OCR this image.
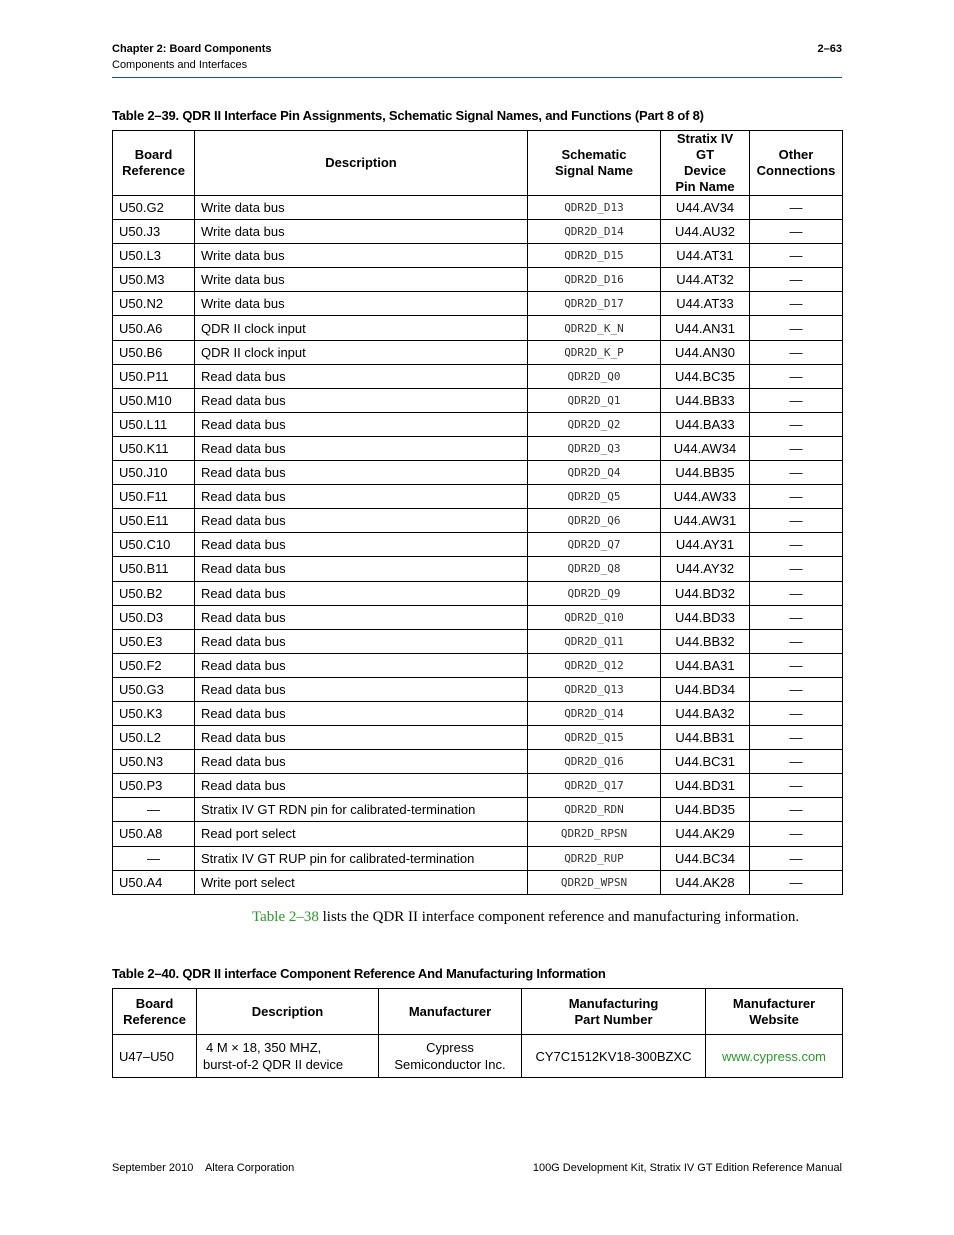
Chapter 2: Board Components
Components and Interfaces
2–63
Table 2–39. QDR II Interface Pin Assignments, Schematic Signal Names, and Functions (Part 8 of 8)
Board
Reference	Description	Schematic
Signal Name	Stratix IV GT
Device
Pin Name	Other
Connections
U50.G2	Write data bus	QDR2D_D13	U44.AV34	—
U50.J3	Write data bus	QDR2D_D14	U44.AU32	—
U50.L3	Write data bus	QDR2D_D15	U44.AT31	—
U50.M3	Write data bus	QDR2D_D16	U44.AT32	—
U50.N2	Write data bus	QDR2D_D17	U44.AT33	—
U50.A6	QDR II clock input	QDR2D_K_N	U44.AN31	—
U50.B6	QDR II clock input	QDR2D_K_P	U44.AN30	—
U50.P11	Read data bus	QDR2D_Q0	U44.BC35	—
U50.M10	Read data bus	QDR2D_Q1	U44.BB33	—
U50.L11	Read data bus	QDR2D_Q2	U44.BA33	—
U50.K11	Read data bus	QDR2D_Q3	U44.AW34	—
U50.J10	Read data bus	QDR2D_Q4	U44.BB35	—
U50.F11	Read data bus	QDR2D_Q5	U44.AW33	—
U50.E11	Read data bus	QDR2D_Q6	U44.AW31	—
U50.C10	Read data bus	QDR2D_Q7	U44.AY31	—
U50.B11	Read data bus	QDR2D_Q8	U44.AY32	—
U50.B2	Read data bus	QDR2D_Q9	U44.BD32	—
U50.D3	Read data bus	QDR2D_Q10	U44.BD33	—
U50.E3	Read data bus	QDR2D_Q11	U44.BB32	—
U50.F2	Read data bus	QDR2D_Q12	U44.BA31	—
U50.G3	Read data bus	QDR2D_Q13	U44.BD34	—
U50.K3	Read data bus	QDR2D_Q14	U44.BA32	—
U50.L2	Read data bus	QDR2D_Q15	U44.BB31	—
U50.N3	Read data bus	QDR2D_Q16	U44.BC31	—
U50.P3	Read data bus	QDR2D_Q17	U44.BD31	—
—	Stratix IV GT RDN pin for calibrated-termination	QDR2D_RDN	U44.BD35	—
U50.A8	Read port select	QDR2D_RPSN	U44.AK29	—
—	Stratix IV GT RUP pin for calibrated-termination	QDR2D_RUP	U44.BC34	—
U50.A4	Write port select	QDR2D_WPSN	U44.AK28	—
Table 2–38 lists the QDR II interface component reference and manufacturing information.
Table 2–40. QDR II interface Component Reference And Manufacturing Information
Board
Reference	Description	Manufacturer	Manufacturing
Part Number	Manufacturer
Website
U47–U50	4 M × 18, 350 MHZ,
burst-of-2 QDR II device	Cypress
Semiconductor Inc.	CY7C1512KV18-300BZXC	www.cypress.com
September 2010    Altera Corporation	100G Development Kit, Stratix IV GT Edition Reference Manual
